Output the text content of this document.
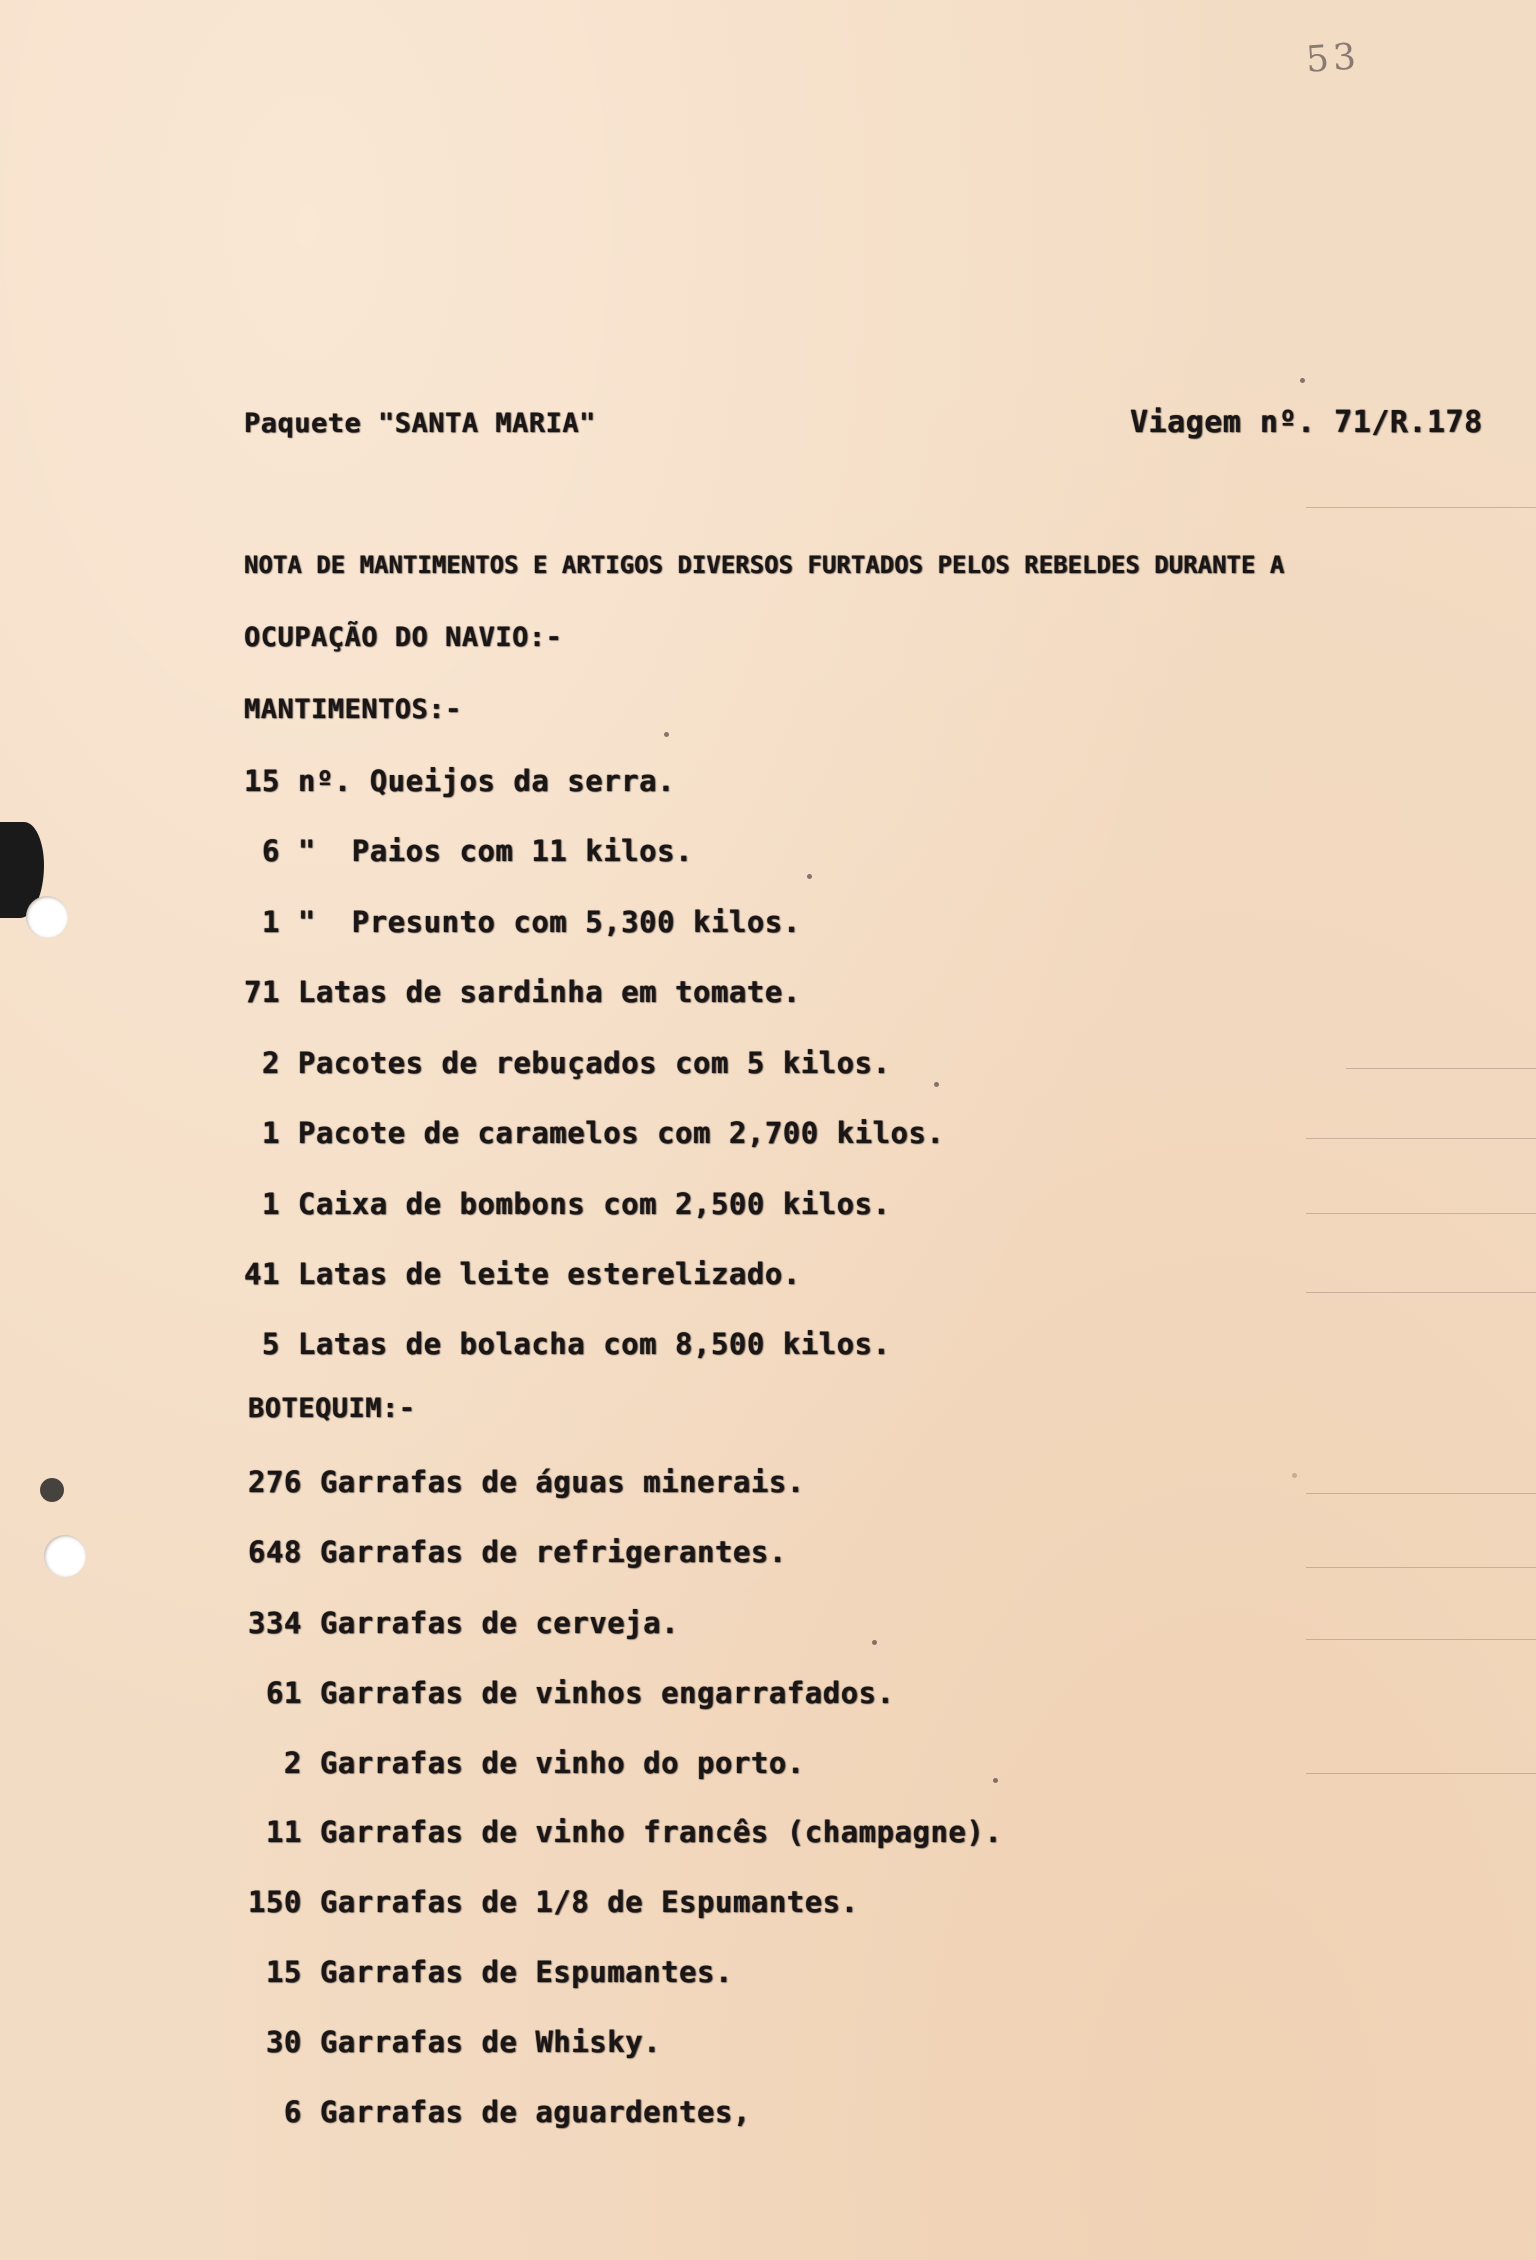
53
Paquete "SANTA MARIA"	Viagem nº. 71/R.178
NOTA DE MANTIMENTOS E ARTIGOS DIVERSOS FURTADOS PELOS REBELDES DURANTE A
OCUPAÇÃO DO NAVIO:-
MANTIMENTOS:-
15 nº. Queijos da serra.
6 "  Paios com 11 kilos.
1 "  Presunto com 5,300 kilos.
71 Latas de sardinha em tomate.
2 Pacotes de rebuçados com 5 kilos.
1 Pacote de caramelos com 2,700 kilos.
1 Caixa de bombons com 2,500 kilos.
41 Latas de leite esterelizado.
5 Latas de bolacha com 8,500 kilos.
BOTEQUIM:-
276 Garrafas de águas minerais.
648 Garrafas de refrigerantes.
334 Garrafas de cerveja.
61 Garrafas de vinhos engarrafados.
2 Garrafas de vinho do porto.
11 Garrafas de vinho francês (champagne).
150 Garrafas de 1/8 de Espumantes.
15 Garrafas de Espumantes.
30 Garrafas de Whisky.
6 Garrafas de aguardentes,
